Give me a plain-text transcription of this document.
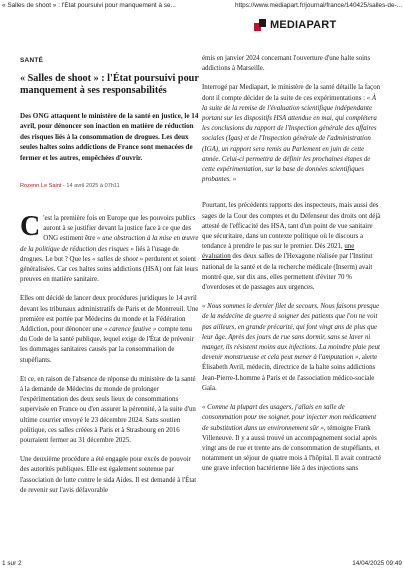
« Salles de shoot » : l'État poursuivi pour manquement à se...	https://www.mediapart.fr/journal/france/140425/salles-de-...
MEDIAPART
SANTÉ
« Salles de shoot » : l'État poursuivi pour manquement à ses responsabilités
Des ONG attaquent le ministère de la santé en justice, le 14 avril, pour dénoncer son inaction en matière de réduction des risques liés à la consommation de drogues. Les deux seules haltes soins addictions de France sont menacées de fermer et les autres, empêchées d'ouvrir.
Rozenn Le Saint - 14 avril 2025 à 07h11

C 'est la première fois en Europe que les pouvoirs publics auront à se justifier devant la justice face à ce que des ONG estiment être « une obstruction à la mise en œuvre de la politique de réduction des risques » liés à l'usage de drogues. Le but ? Que les « salles de shoot » perdurent et soient généralisées. Car ces haltes soins addictions (HSA) ont fait leurs preuves en matière sanitaire.

Elles ont décidé de lancer deux procédures juridiques le 14 avril devant les tribunaux administratifs de Paris et de Montreuil. Une première est portée par Médecins du monde et la Fédération Addiction, pour dénoncer une « carence fautive » compte tenu du Code de la santé publique, lequel exige de l'État de prévenir les dommages sanitaires causés par la consommation de stupéfiants.

Et ce, en raison de l'absence de réponse du ministère de la santé à la demande de Médecins du monde de prolonger l'expérimentation des deux seuls lieux de consommations supervisée en France ou d'en assurer la pérennité, à la suite d'un ultime courrier envoyé le 23 décembre 2024. Sans soutien politique, ces salles créées à Paris et à Strasbourg en 2016 pourraient fermer au 31 décembre 2025.

Une deuxième procédure a été engagée pour excès de pouvoir des autorités publiques. Elle est également soutenue par l'association de lutte contre le sida Aides. Il est demandé à l'État de revenir sur l'avis défavorable

émis en janvier 2024 concernant l'ouverture d'une halte soins addictions à Marseille.

Interrogé par Mediapart, le ministère de la santé détaille la façon dont il compte décider de la suite de ces expérimentations : « À la suite de la remise de l'évaluation scientifique indépendante portant sur les dispositifs HSA attendue en mai, qui complétera les conclusions du rapport de l'Inspection générale des affaires sociales (Igas) et de l'Inspection générale de l'administration (IGA), un rapport sera remis au Parlement en juin de cette année. Celui-ci permettra de définir les prochaines étapes de cette expérimentation, sur la base de données scientifiques probantes. »

Pourtant, les précédents rapports des inspecteurs, mais aussi des sages de la Cour des comptes et du Défenseur des droits ont déjà attesté de l'efficacité des HSA, tant d'un point de vue sanitaire que sécuritaire, dans un contexte politique où le discours a tendance à prendre le pas sur le premier. Dès 2021, une évaluation des deux salles de l'Hexagone réalisée par l'Institut national de la santé et de la recherche médicale (Inserm) avait montré que, sur dix ans, elles permettent d'éviter 70 % d'overdoses et de passages aux urgences.

« Nous sommes le dernier filet de secours. Nous faisons presque de la médecine de guerre à soigner des patients que l'on ne voit pas ailleurs, en grande précarité, qui font vingt ans de plus que leur âge. Après des jours de rue sans dormir, sans se laver ni manger, ils résistent moins aux infections. La moindre plaie peut devenir monstrueuse et cela peut mener à l'amputation », alerte Élisabeth Avril, médecin, directrice de la halte soins addictions Jean-Pierre-Lhomme à Paris et de l'association médico-sociale Gaïa.

« Comme la plupart des usagers, j'allais en salle de consommation pour me soigner, pour injecter mon médicament de substitution dans un environnement sûr », témoigne Frank Villeneuve. Il y a aussi trouvé un accompagnement social après vingt ans de rue et trente ans de consommation de stupéfiants, et notamment un séjour de quatre mois à l'hôpital. Il avait contracté une grave infection bactérienne liée à des injections sans

1 sur 2	14/04/2025 09:49
